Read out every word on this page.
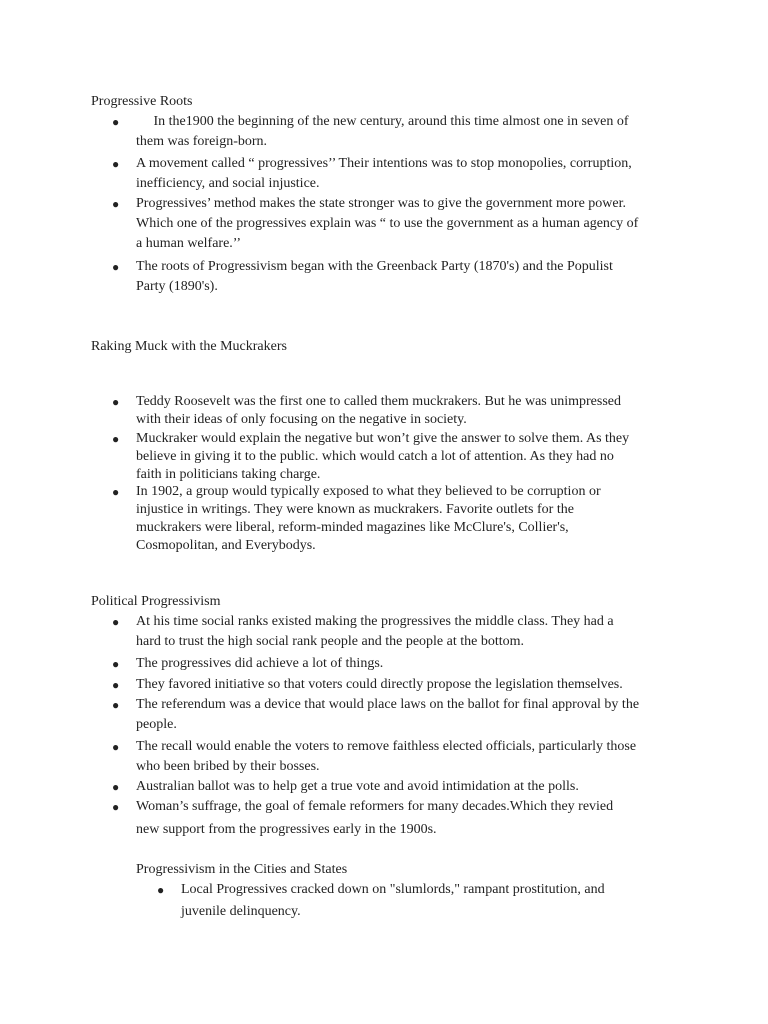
Progressive Roots
● In the1900 the beginning of the new century, around this time almost one in seven of
them was foreign-born.
● A movement called “ progressives’’ Their intentions was to stop monopolies, corruption,
inefficiency, and social injustice.
● Progressives’ method makes the state stronger was to give the government more power.
Which one of the progressives explain was “ to use the government as a human agency of
a human welfare.’’
● The roots of Progressivism began with the Greenback Party (1870's) and the Populist
Party (1890's).
Raking Muck with the Muckrakers
● Teddy Roosevelt was the first one to called them muckrakers. But he was unimpressed
with their ideas of only focusing on the negative in society.
● Muckraker would explain the negative but won’t give the answer to solve them. As they
believe in giving it to the public. which would catch a lot of attention. As they had no
faith in politicians taking charge.
● In 1902, a group would typically exposed to what they believed to be corruption or
injustice in writings. They were known as muckrakers. Favorite outlets for the
muckrakers were liberal, reform-minded magazines like McClure's, Collier's,
Cosmopolitan, and Everybodys.
Political Progressivism
● At his time social ranks existed making the progressives the middle class. They had a
hard to trust the high social rank people and the people at the bottom.
● The progressives did achieve a lot of things.
● They favored initiative so that voters could directly propose the legislation themselves.
● The referendum was a device that would place laws on the ballot for final approval by the
people.
● The recall would enable the voters to remove faithless elected officials, particularly those
who been bribed by their bosses.
● Australian ballot was to help get a true vote and avoid intimidation at the polls.
● Woman’s suffrage, the goal of female reformers for many decades.Which they revied
new support from the progressives early in the 1900s.
Progressivism in the Cities and States
● Local Progressives cracked down on "slumlords," rampant prostitution, and
juvenile delinquency.
